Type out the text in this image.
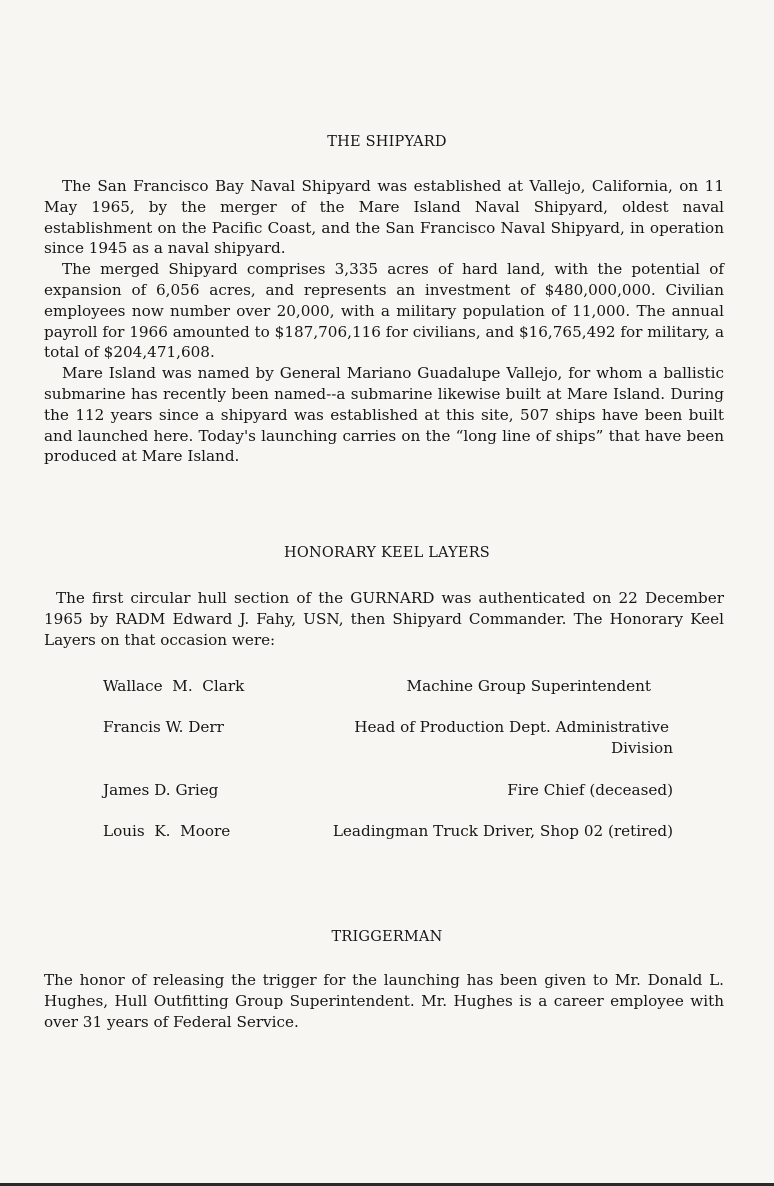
THE SHIPYARD

The San Francisco Bay Naval Shipyard was established at Vallejo, California, on 11 May 1965, by the merger of the Mare Island Naval Shipyard, oldest naval establishment on the Pacific Coast, and the San Francisco Naval Shipyard, in operation since 1945 as a naval shipyard.

The merged Shipyard comprises 3,335 acres of hard land, with the potential of expansion of 6,056 acres, and represents an investment of $480,000,000. Civilian employees now number over 20,000, with a military population of 11,000. The annual payroll for 1966 amounted to $187,706,116 for civilians, and $16,765,492 for military, a total of $204,471,608.

Mare Island was named by General Mariano Guadalupe Vallejo, for whom a ballistic submarine has recently been named--a submarine likewise built at Mare Island. During the 112 years since a shipyard was established at this site, 507 ships have been built and launched here. Today's launching carries on the “long line of ships” that have been produced at Mare Island.

HONORARY KEEL LAYERS

The first circular hull section of the GURNARD was authenticated on 22 December 1965 by RADM Edward J. Fahy, USN, then Shipyard Commander. The Honorary Keel Layers on that occasion were:

Wallace  M.  Clark	Machine Group Superintendent
Francis W. Derr	Head of Production Dept. Administrative
Division
James D. Grieg	Fire Chief (deceased)
Louis  K.  Moore	Leadingman Truck Driver, Shop 02 (retired)
TRIGGERMAN

The honor of releasing the trigger for the launching has been given to Mr. Donald L. Hughes, Hull Outfitting Group Superintendent. Mr. Hughes is a career employee with over 31 years of Federal Service.
